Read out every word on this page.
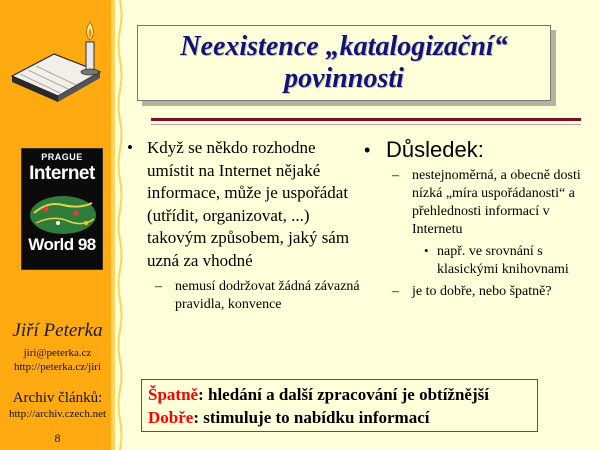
PRAGUE
Internet
World 98
Jiří Peterka
jiri@peterka.cz
http://peterka.cz/jiri
Archiv článků:
http://archiv.czech.net
8
Neexistence „katalogizační“
povinnosti
• Když se někdo rozhodne umístit na Internet nějaké informace, může je uspořádat (utřídit, organizovat, ...) takovým způsobem, jaký sám uzná za vhodné
– nemusí dodržovat žádná závazná pravidla, konvence
• Důsledek:
– nestejnoměrná, a obecně dosti nízká „míra uspořádanosti“ a přehlednosti informací v Internetu
• např. ve srovnání s klasickými knihovnami
– je to dobře, nebo špatně?
Špatně: hledání a další zpracování je obtížnější
Dobře: stimuluje to nabídku informací
